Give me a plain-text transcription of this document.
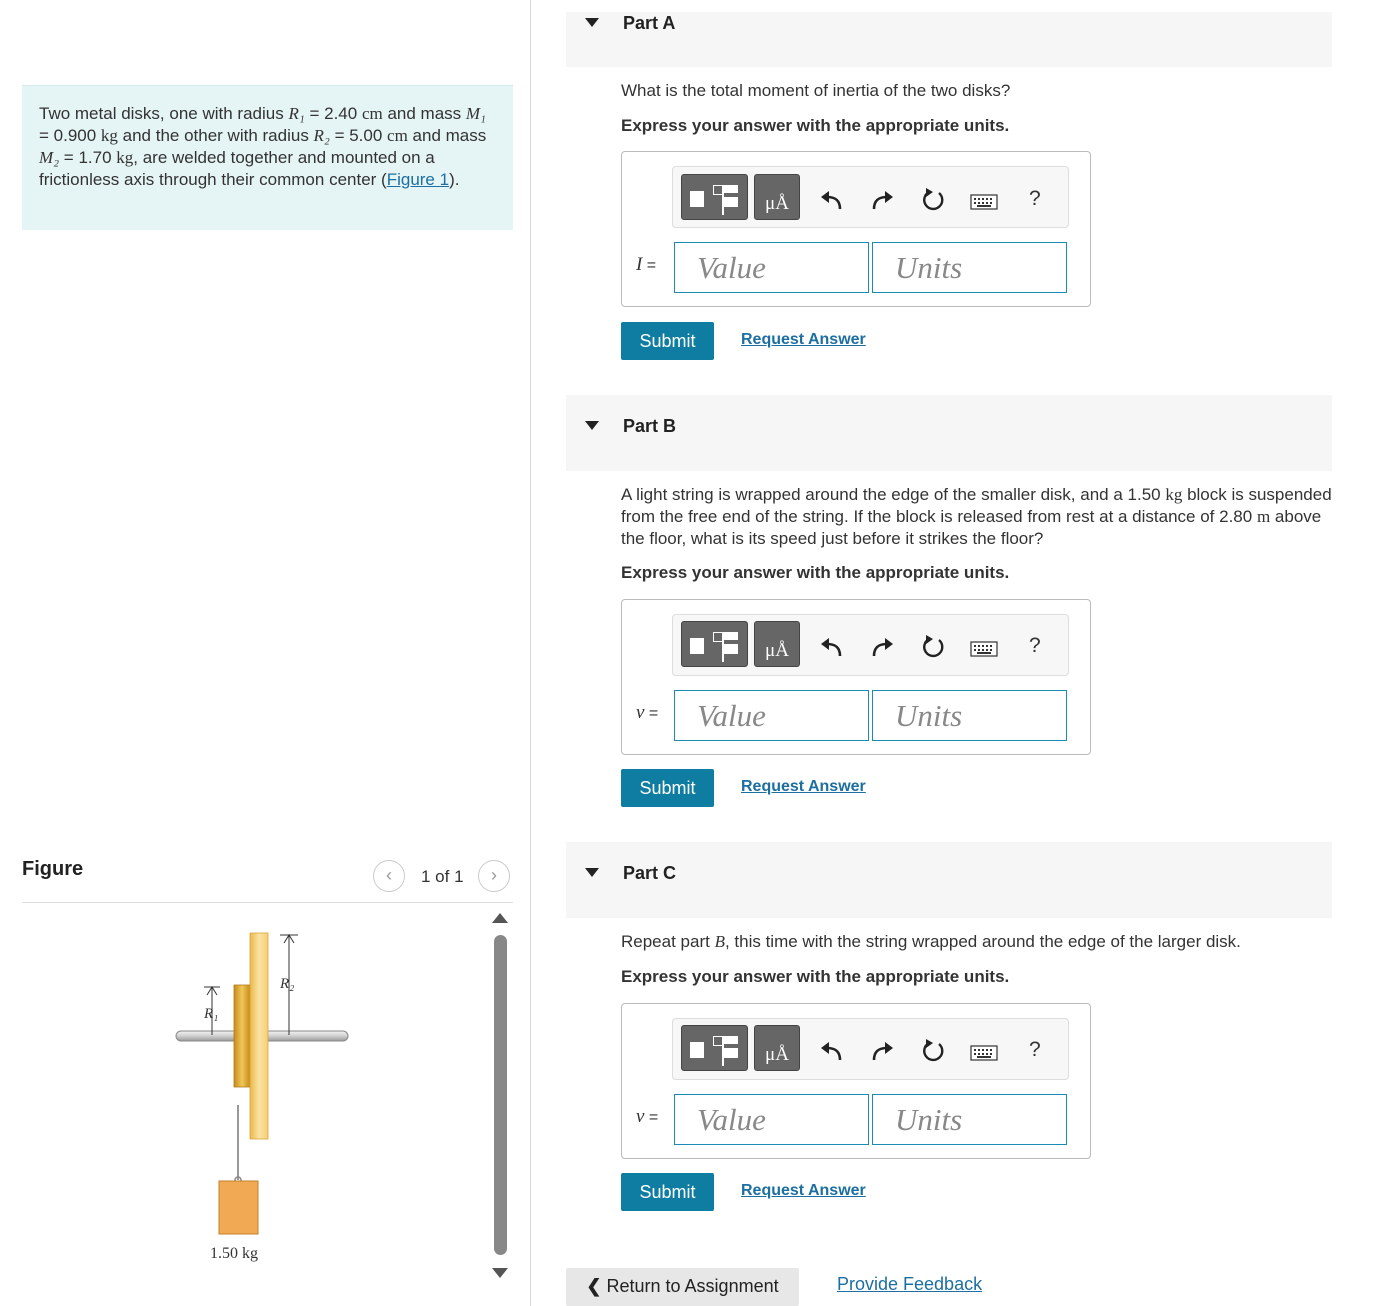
Two metal disks, one with radius R₁ = 2.40 cm and mass M₁ = 0.900 kg and the other with radius R₂ = 5.00 cm and mass M₂ = 1.70 kg, are welded together and mounted on a frictionless axis through their common center (Figure 1).
Figure	‹	1 of 1	›
R₁
R₂
1.50 kg
Part A
What is the total moment of inertia of the two disks?
Express your answer with the appropriate units.
μÅ	?
I =	Value	Units
Submit	Request Answer
Part B
A light string is wrapped around the edge of the smaller disk, and a 1.50 kg block is suspended from the free end of the string. If the block is released from rest at a distance of 2.80 m above the floor, what is its speed just before it strikes the floor?
Express your answer with the appropriate units.
μÅ	?
v =	Value	Units
Submit	Request Answer
Part C
Repeat part B, this time with the string wrapped around the edge of the larger disk.
Express your answer with the appropriate units.
μÅ	?
v =	Value	Units
Submit	Request Answer
❮ Return to Assignment	Provide Feedback
